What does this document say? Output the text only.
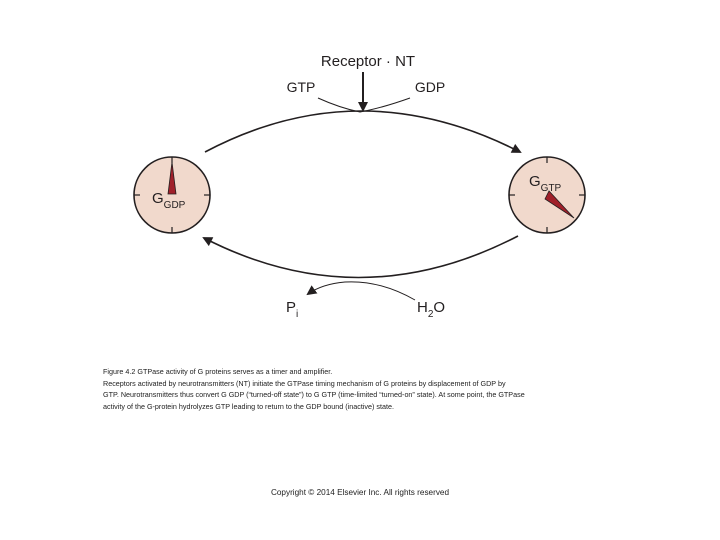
Receptor · NT
GTP	GDP
$P_i$	$H_2O$
$G_{GDP}$
$G_{GTP}$
Figure 4.2 GTPase activity of G proteins serves as a timer and amplifier.
Receptors activated by neurotransmitters (NT) initiate the GTPase timing mechanism of G proteins by displacement of GDP by
GTP. Neurotransmitters thus convert G GDP (“turned-off state”) to G GTP (time-limited “turned-on” state). At some point, the GTPase
activity of the G-protein hydrolyzes GTP leading to return to the GDP bound (inactive) state.
Copyright © 2014 Elsevier Inc. All rights reserved
